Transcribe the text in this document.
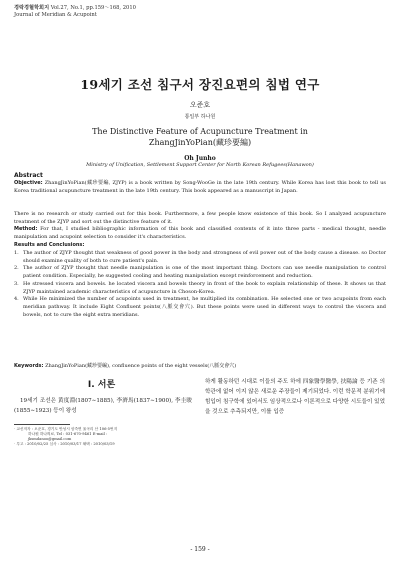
경락경혈학회지 Vol.27, No.1, pp.159～168, 2010
Journal of Meridian & Acupoint
19세기 조선 침구서 장진요편의 침법 연구
오준호
통일부 하나원
The Distinctive Feature of Acupuncture Treatment in
ZhangJinYoPian(藏珍要編)
Oh Junho
Ministry of Unification, Settlement Support Center for North Korean Refugees(Hanawon)
Abstract
Objective: ZhangJinYoPian(藏珍要編, ZJYP) is a book written by Song-WooGe in the late 19th century. While Korea has lost this book to tell us Korea traditional acupuncture treatment in the late 19th century. This book appeared as a manuscript in Japan.
There is no research or study carried out for this book. Furthermore, a few people know existence of this book. So I analyzed acupuncture treatment of the ZJYP and sort out the distinctive feature of it.
Method: For that, I studied bibliographic information of this book and classified contents of it into three parts - medical thought, needle manipulation and acupoint selection to consider it's characteristics.
Results and Conclusions:
1. The author of ZJYP thought that weakness of good power in the body and strongness of evil power out of the body cause a disease. so Doctor should examine quality of both to cure patient's pain.
2. The author of ZJYP thought that needle manipulation is one of the most important thing. Doctors can use needle manipulation to control patient condition. Especially, he suggested cooling and heating manipulation except reinforcement and reduction.
3. He stressed viscera and bowels. he located viscera and bowels theory in front of the book to explain relationship of these. It shows us that ZJYP maintained academic characteristics of acupuncture in Choson-Korea.
4. While He minimized the number of acupoints used in treatment, he multiplied its combination. He selected one or two acupoints from each meridian pathway. It include Eight Confluent points(八脈交會穴). But these points were used in different ways to control the viscera and bowels, not to cure the eight extra meridians.
Keywords: ZhangJinYoPian(藏珍要編), confluence points of the eight vessels(八脈交會穴)
Ⅰ. 서론
19세기 조선은 黃度淵(1807∼1885), 李濟馬(1837∼1900), 李圭晙(1855∼1923) 등이 왕성
· 교신저자 : 오준호, 경기도 안성시 삼죽면 율곡리 산 106-5번지
하나원 하나의료, Tel : 031-670-9461 E-mail :
jksmdanoo@gmail.com
· 투고 : 2010/02/25 심사 : 2010/03/17 채택 : 2010/03/19
하게 활동하던 시대로 이들의 주도 하에 四象醫學醫學, 扶陽論 등 기존 의학관에 없어 이지 않은 새로운 주장들이 제기되었다. 이런 학문적 분위기에 힘입어 침구학에 있어서도 임상적으로나 이론적으로 다양한 시도들이 있었을 것으로 추측되지만, 이를 입증
- 159 -
